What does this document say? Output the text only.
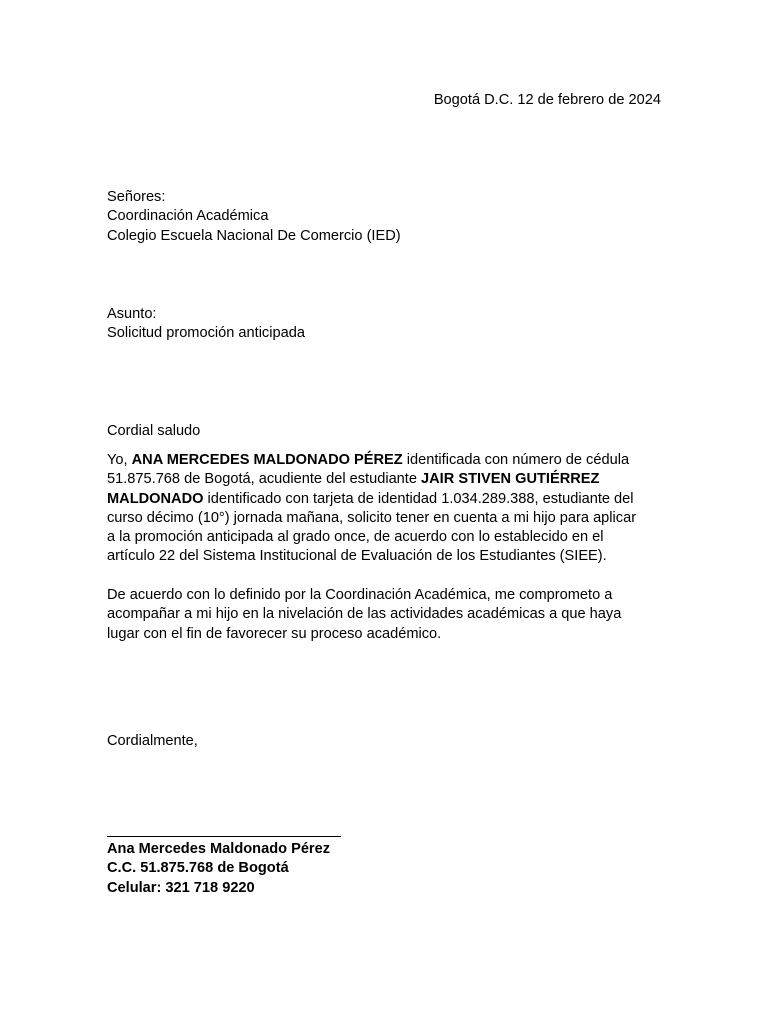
Bogotá D.C. 12 de febrero de 2024
Señores:
Coordinación Académica
Colegio Escuela Nacional De Comercio (IED)
Asunto:
Solicitud promoción anticipada
Cordial saludo
Yo, ANA MERCEDES MALDONADO PÉREZ identificada con número de cédula
51.875.768 de Bogotá, acudiente del estudiante JAIR STIVEN GUTIÉRREZ
MALDONADO identificado con tarjeta de identidad 1.034.289.388, estudiante del
curso décimo (10°) jornada mañana, solicito tener en cuenta a mi hijo para aplicar
a la promoción anticipada al grado once, de acuerdo con lo establecido en el
artículo 22 del Sistema Institucional de Evaluación de los Estudiantes (SIEE).
De acuerdo con lo definido por la Coordinación Académica, me comprometo a
acompañar a mi hijo en la nivelación de las actividades académicas a que haya
lugar con el fin de favorecer su proceso académico.
Cordialmente,
Ana Mercedes Maldonado Pérez
C.C. 51.875.768 de Bogotá
Celular: 321 718 9220
